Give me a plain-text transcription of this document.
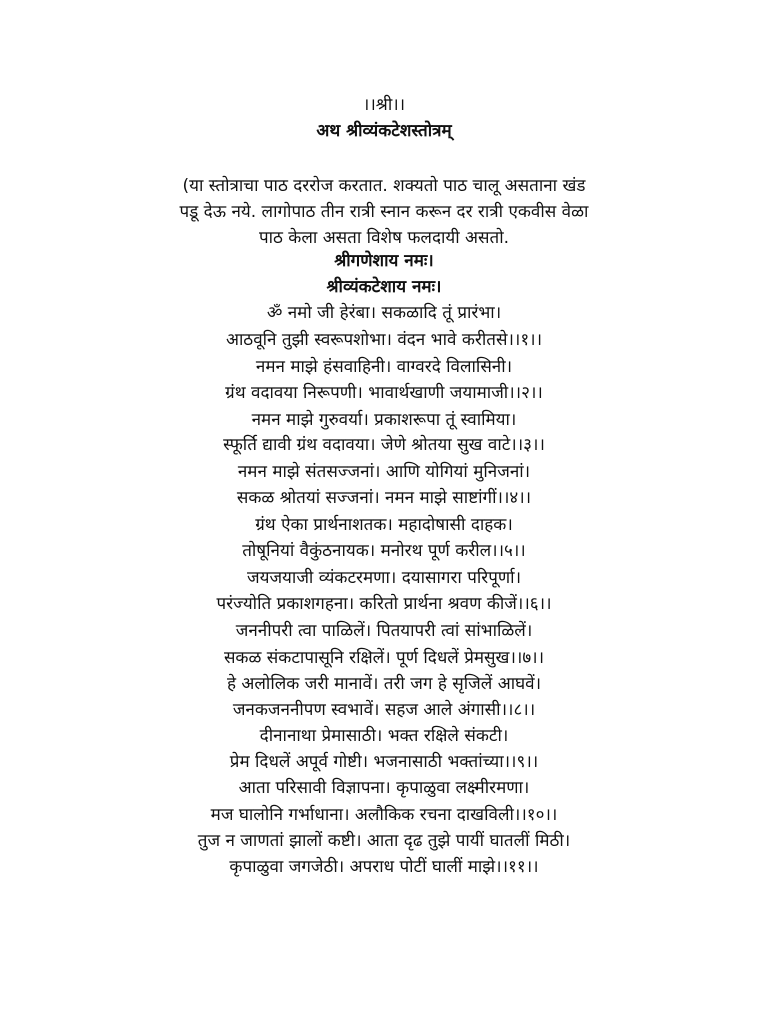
।।श्री।।
अथ श्रीव्यंकटेशस्तोत्रम्
(या स्तोत्राचा पाठ दररोज करतात. शक्यतो पाठ चालू असताना खंड
पडू देऊ नये. लागोपाठ तीन रात्री स्नान करून दर रात्री एकवीस वेळा
पाठ केला असता विशेष फलदायी असतो.
श्रीगणेशाय नमः।
श्रीव्यंकटेशाय नमः।
ॐ नमो जी हेरंबा। सकळादि तूं प्रारंभा।
आठवूनि तुझी स्वरूपशोभा। वंदन भावे करीतसे।।१।।
नमन माझे हंसवाहिनी। वाग्वरदे विलासिनी।
ग्रंथ वदावया निरूपणी। भावार्थखाणी जयामाजी।।२।।
नमन माझे गुरुवर्या। प्रकाशरूपा तूं स्वामिया।
स्फूर्ति द्यावी ग्रंथ वदावया। जेणे श्रोतया सुख वाटे।।३।।
नमन माझे संतसज्जनां। आणि योगियां मुनिजनां।
सकळ श्रोतयां सज्जनां। नमन माझे साष्टांगीं।।४।।
ग्रंथ ऐका प्रार्थनाशतक। महादोषासी दाहक।
तोषूनियां वैकुंठनायक। मनोरथ पूर्ण करील।।५।।
जयजयाजी व्यंकटरमणा। दयासागरा परिपूर्णा।
परंज्योति प्रकाशगहना। करितो प्रार्थना श्रवण कीजें।।६।।
जननीपरी त्वा पाळिलें। पितयापरी त्वां सांभाळिलें।
सकळ संकटापासूनि रक्षिलें। पूर्ण दिधलें प्रेमसुख।।७।।
हे अलोलिक जरी मानावें। तरी जग हे सृजिलें आघवें।
जनकजननीपण स्वभावें। सहज आले अंगासी।।८।।
दीनानाथा प्रेमासाठी। भक्त रक्षिले संकटी।
प्रेम दिधलें अपूर्व गोष्टी। भजनासाठी भक्तांच्या।।९।।
आता परिसावी विज्ञापना। कृपाळुवा लक्ष्मीरमणा।
मज घालोनि गर्भाधाना। अलौकिक रचना दाखविली।।१०।।
तुज न जाणतां झालों कष्टी। आता दृढ तुझे पायीं घातलीं मिठी।
कृपाळुवा जगजेठी। अपराध पोटीं घालीं माझे।।११।।
